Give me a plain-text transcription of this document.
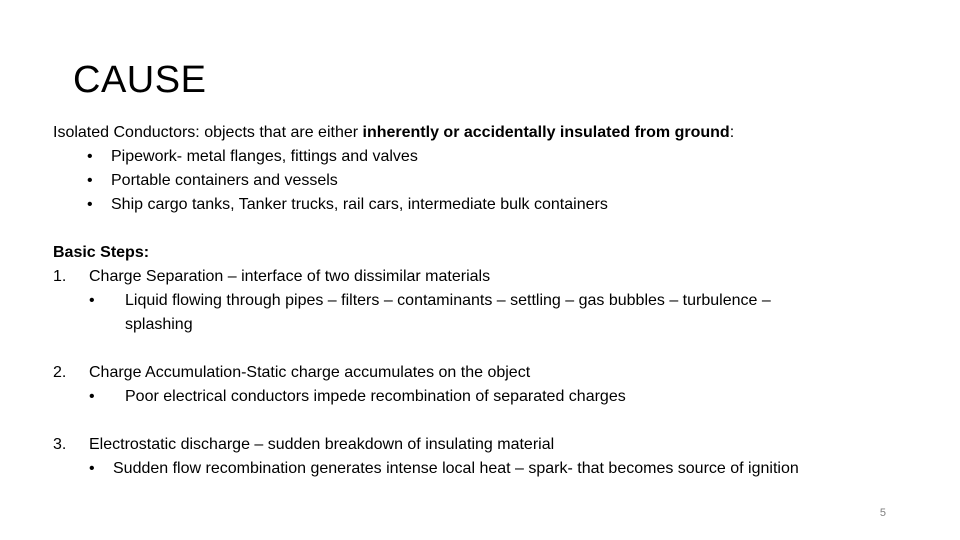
CAUSE
Isolated Conductors: objects that are either inherently or accidentally insulated from ground:
• Pipework- metal flanges, fittings and valves
• Portable containers and vessels
• Ship cargo tanks, Tanker trucks, rail cars, intermediate bulk containers
Basic Steps:
1. Charge Separation – interface of two dissimilar materials
• Liquid flowing through pipes – filters – contaminants – settling – gas bubbles – turbulence –
splashing
2. Charge Accumulation-Static charge accumulates on the object
• Poor electrical conductors impede recombination of separated charges
3. Electrostatic discharge – sudden breakdown of insulating material
• Sudden flow recombination generates intense local heat – spark- that becomes source of ignition
5
